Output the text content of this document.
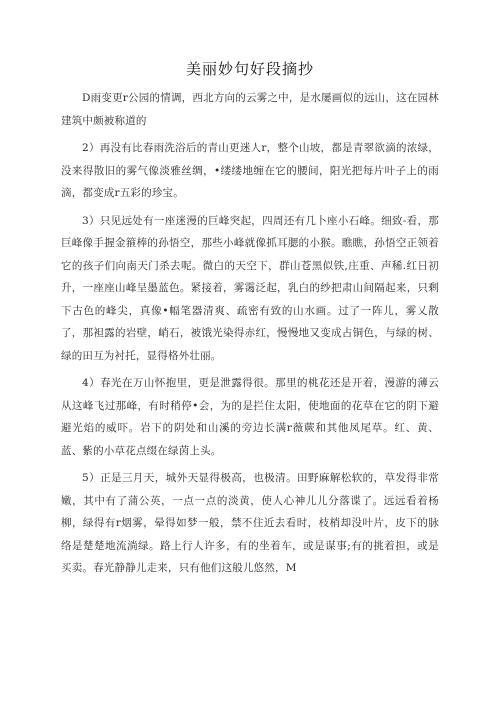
美丽妙句好段摘抄

D雨变更r公园的情调，西北方向的云雾之中，是水屡画似的远山，这在园林建筑中颇被称道的

2）再没有比春雨洗浴后的青山更迷人r，整个山坡，都是青翠欲滴的浓绿，没来得散旧的雾气像淡雅丝绸，•缕缕地缠在它的腰间，阳光把每片叶子上的雨滴，都变成r五彩的珍宝。

3）只见远处有一座迷漫的巨峰突起，四周还有几卜座小石峰。细致-看，那巨峰像手握金箍棒的孙悟空，那些小峰就像抓耳腮的小猴。瞧瞧，孙悟空正领着它的孩子们向南天门杀去呢。微白的天空下，群山苍黑似铁,庄重、声稀.红日初升，一座座山峰呈墨蓝色。紧接着，雾霭泛起，乳白的纱把肃山间隔起来，只剩下古色的峰尖，真像•幅笔器清爽、疏密有致的山水画。过了一阵儿，雾乂散了，那袒露的岩壁，峭石，被饿光染得赤红，慢慢地又变成占铜色，与绿的树、绿的田互为衬托，显得格外壮丽。

4）春光在万山怀抱里，更是泄露得很。那里的桃花还是开着，漫游的薄云从这峰飞过那峰，有时稍停•会，为的是拦住太阳，使地面的花草在它的阴下避避光焰的威吓。岩下的阴处和山溪的旁边长满r薇蕨和其他凤尾草。红、黄、蓝、紫的小草花点缀在绿茵上头。

5）正是三月天，城外天显得极高，也极清。田野麻解松软的，草发得非常嫩，其中有了蒲公英，一点一点的淡黄，使人心神儿儿分落谍了。远远看着杨柳，绿得有r烟雾，晕得如梦一般，禁不住近去看时，枝梢却没叶片，皮下的脉络是楚楚地流淌绿。路上行人许多，有的坐着车，或是谋事;有的挑着担，或是买卖。春光静静儿走来，只有他们这般儿悠然，M
